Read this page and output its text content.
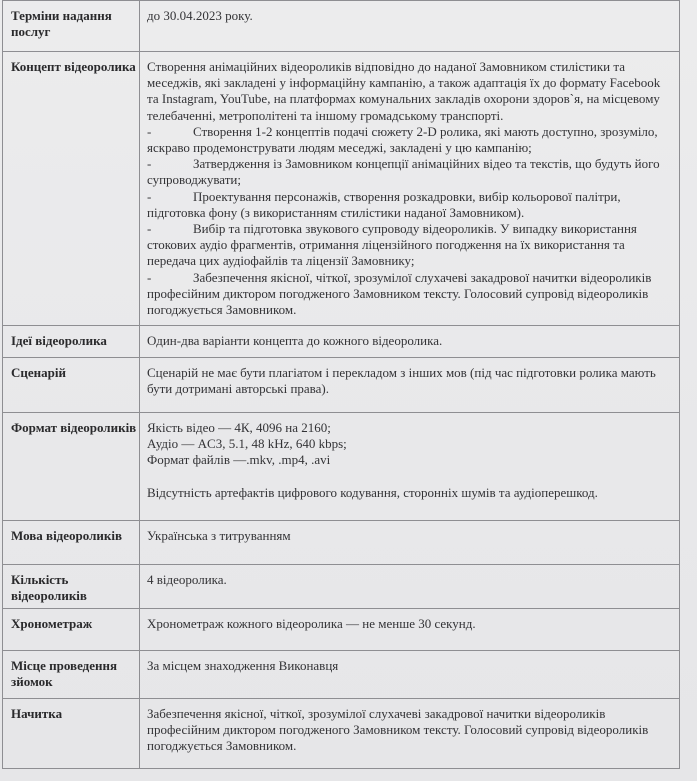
Терміни надання послуг	до 30.04.2023 року.
Концепт відеоролика	Створення анімаційних відеороликів відповідно до наданої Замовником стилістики та меседжів, які закладені у інформаційну кампанію, а також адаптація їх до формату Facebook та Instagram, YouTube, на платформах комунальних закладів охорони здоров`я, на місцевому телебаченні, метрополітені та іншому громадському транспорті.
-	Створення 1-2 концептів подачі сюжету 2-D ролика, які мають доступно, зрозуміло, яскраво продемонструвати людям меседжі, закладені у цю кампанію;
-	Затвердження із Замовником концепції анімаційних відео та текстів, що будуть його супроводжувати;
-	Проектування персонажів, створення розкадровки, вибір кольорової палітри, підготовка фону (з використанням стилістики наданої Замовником).
-	Вибір та підготовка звукового супроводу відеороликів. У випадку використання стокових аудіо фрагментів, отримання ліцензійного погодження на їх використання та передача цих аудіофайлів та ліцензії Замовнику;
-	Забезпечення якісної, чіткої, зрозумілої слухачеві закадрової начитки відеороликів професійним диктором погодженого Замовником тексту. Голосовий супровід відеороликів погоджується Замовником.

Ідеї відеоролика	Один-два варіанти концепта до кожного відеоролика.
Сценарій	Сценарій не має бути плагіатом і перекладом з інших мов (під час підготовки ролика мають бути дотримані авторські права).
Формат відеороликів	Якість відео — 4К, 4096 на 2160;
Аудіо — AC3, 5.1, 48 kHz, 640 kbps;
Формат файлів —.mkv, .mp4, .avi
Відсутність артефактів цифрового кодування, сторонніх шумів та аудіоперешкод.

Мова відеороликів	Українська з титруванням
Кількість відеороликів	4 відеоролика.
Хронометраж	Хронометраж кожного відеоролика — не менше 30 секунд.
Місце проведення зйомок	За місцем знаходження Виконавця
Начитка	Забезпечення якісної, чіткої, зрозумілої слухачеві закадрової начитки відеороликів професійним диктором погодженого Замовником тексту. Голосовий супровід відеороликів погоджується Замовником.
